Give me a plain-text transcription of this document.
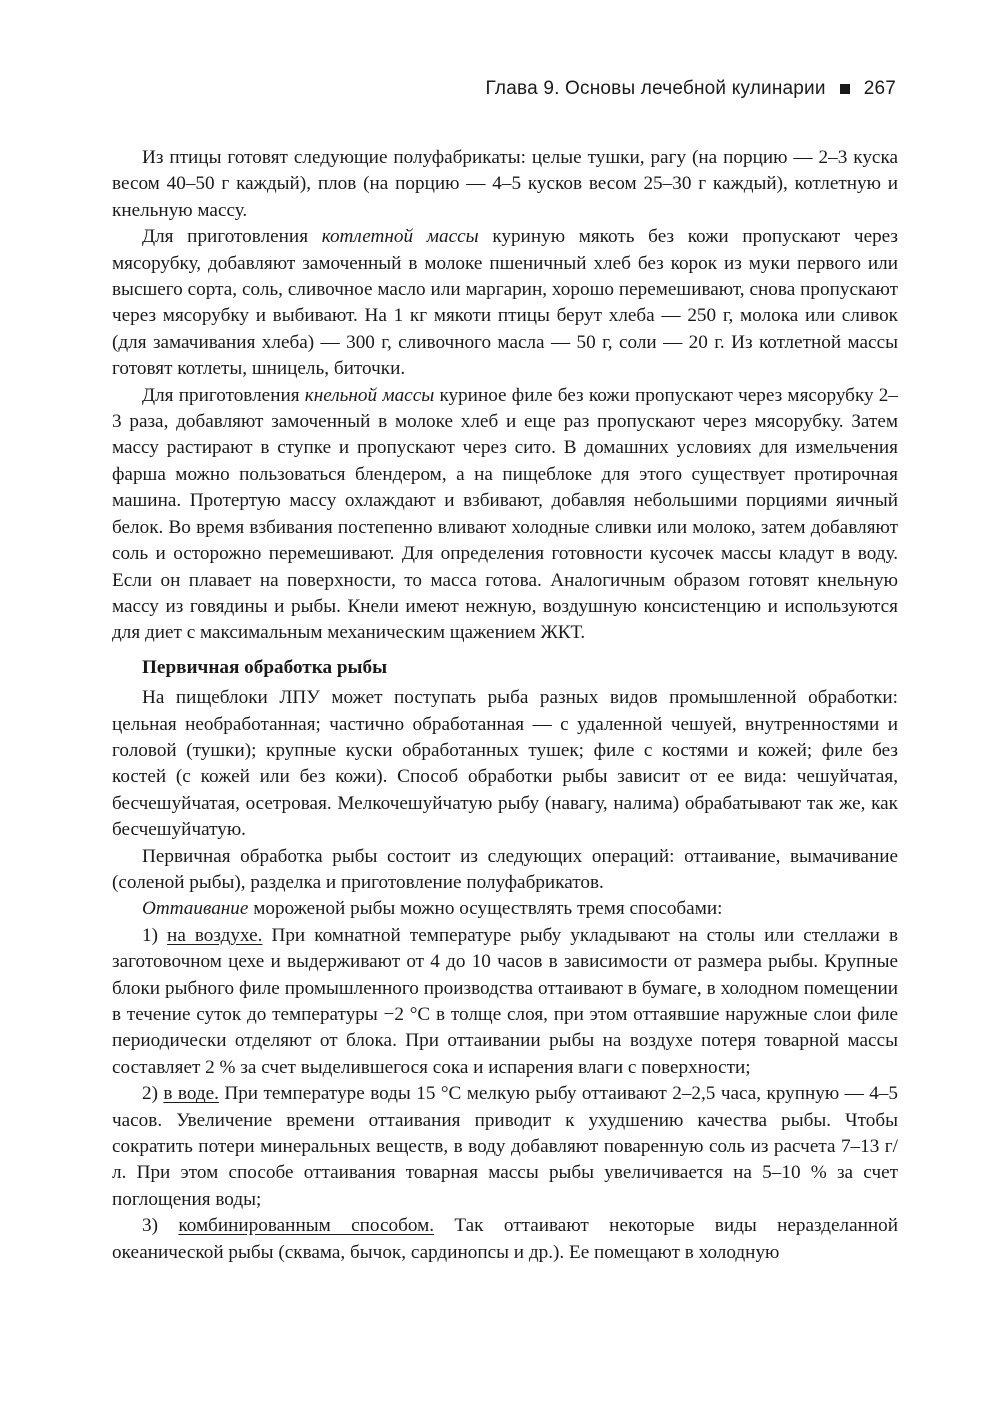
Глава 9. Основы лечебной кулинарии 267

Из птицы готовят следующие полуфабрикаты: целые тушки, рагу (на порцию — 2–3 куска весом 40–50 г каждый), плов (на порцию — 4–5 кусков весом 25–30 г каждый), котлетную и кнельную массу.

Для приготовления котлетной массы куриную мякоть без кожи пропускают через мясорубку, добавляют замоченный в молоке пшеничный хлеб без корок из муки первого или высшего сорта, соль, сливочное масло или маргарин, хорошо перемешивают, снова пропускают через мясорубку и выбивают. На 1 кг мякоти птицы берут хлеба — 250 г, молока или сливок (для замачивания хлеба) — 300 г, сливочного масла — 50 г, соли — 20 г. Из котлетной массы готовят котлеты, шницель, биточки.

Для приготовления кнельной массы куриное филе без кожи пропускают через мясорубку 2–3 раза, добавляют замоченный в молоке хлеб и еще раз пропускают через мясорубку. Затем массу растирают в ступке и пропускают через сито. В домашних условиях для измельчения фарша можно пользоваться блендером, а на пищеблоке для этого существует протирочная машина. Протертую массу охлаждают и взбивают, добавляя небольшими порциями яичный белок. Во время взбивания постепенно вливают холодные сливки или молоко, затем добавляют соль и осторожно перемешивают. Для определения готовности кусочек массы кладут в воду. Если он плавает на поверхности, то масса готова. Аналогичным образом готовят кнельную массу из говядины и рыбы. Кнели имеют нежную, воздушную консистенцию и используются для диет с максимальным механическим щажением ЖКТ.

Первичная обработка рыбы

На пищеблоки ЛПУ может поступать рыба разных видов промышленной обработки: цельная необработанная; частично обработанная — с удаленной чешуей, внутренностями и головой (тушки); крупные куски обработанных тушек; филе с костями и кожей; филе без костей (с кожей или без кожи). Способ обработки рыбы зависит от ее вида: чешуйчатая, бесчешуйчатая, осетровая. Мелкочешуйчатую рыбу (навагу, налима) обрабатывают так же, как бесчешуйчатую.

Первичная обработка рыбы состоит из следующих операций: оттаивание, вымачивание (соленой рыбы), разделка и приготовление полуфабрикатов.

Оттаивание мороженой рыбы можно осуществлять тремя способами:

1) на воздухе. При комнатной температуре рыбу укладывают на столы или стеллажи в заготовочном цехе и выдерживают от 4 до 10 часов в зависимости от размера рыбы. Крупные блоки рыбного филе промышленного производства оттаивают в бумаге, в холодном помещении в течение суток до температуры −2 °С в толще слоя, при этом оттаявшие наружные слои филе периодически отделяют от блока. При оттаивании рыбы на воздухе потеря товарной массы составляет 2 % за счет выделившегося сока и испарения влаги с поверхности;

2) в воде. При температуре воды 15 °С мелкую рыбу оттаивают 2–2,5 часа, крупную — 4–5 часов. Увеличение времени оттаивания приводит к ухудшению качества рыбы. Чтобы сократить потери минеральных веществ, в воду добавляют поваренную соль из расчета 7–13 г/л. При этом способе оттаивания товарная массы рыбы увеличивается на 5–10 % за счет поглощения воды;

3) комбинированным способом. Так оттаивают некоторые виды неразделанной океанической рыбы (сквама, бычок, сардинопсы и др.). Ее помещают в холодную
